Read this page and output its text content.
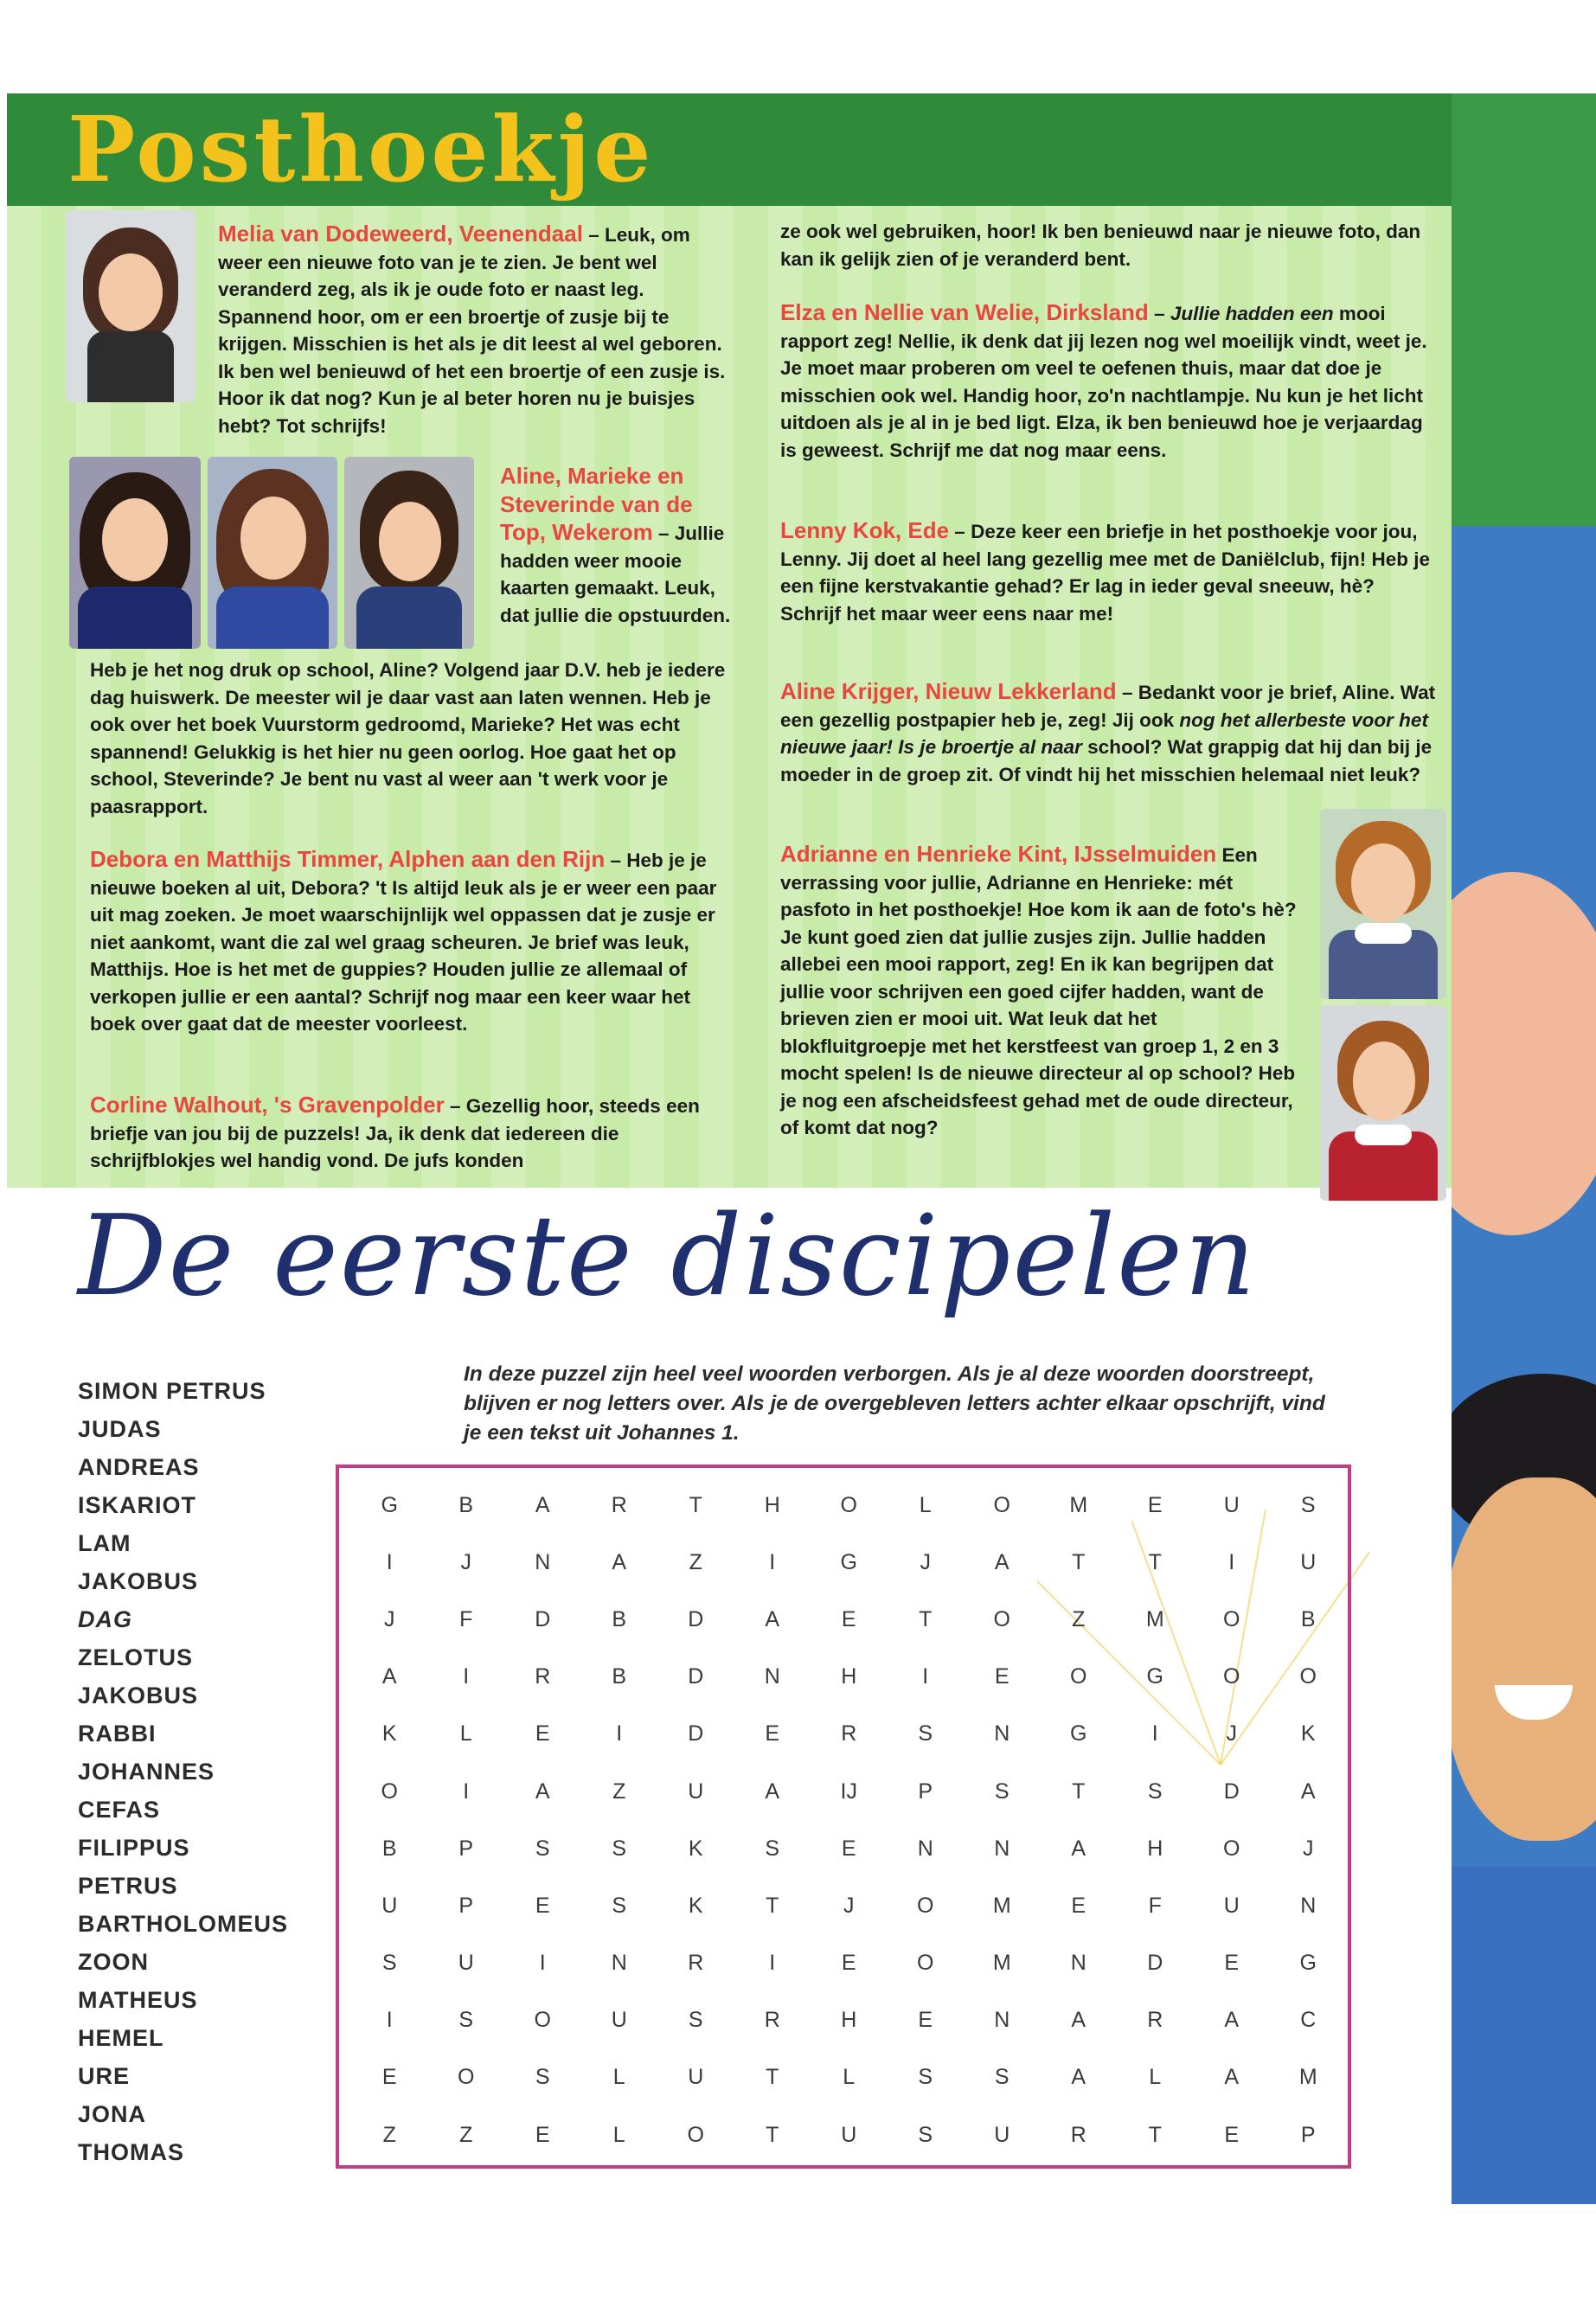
Posthoekje
Melia van Dodeweerd, Veenendaal – Leuk, om weer een nieuwe foto van je te zien. Je bent wel veranderd zeg, als ik je oude foto er naast leg. Spannend hoor, om er een broertje of zusje bij te krijgen. Misschien is het als je dit leest al wel geboren. Ik ben wel benieuwd of het een broertje of een zusje is. Hoor ik dat nog? Kun je al beter horen nu je buisjes hebt? Tot schrijfs!
Aline, Marieke en Steverinde van de Top, Wekerom – Jullie hadden weer mooie kaarten gemaakt. Leuk, dat jullie die opstuurden.
Heb je het nog druk op school, Aline? Volgend jaar D.V. heb je iedere dag huiswerk. De meester wil je daar vast aan laten wennen. Heb je ook over het boek Vuurstorm gedroomd, Marieke? Het was echt spannend! Gelukkig is het hier nu geen oorlog. Hoe gaat het op school, Steverinde? Je bent nu vast al weer aan 't werk voor je paasrapport.
Debora en Matthijs Timmer, Alphen aan den Rijn – Heb je je nieuwe boeken al uit, Debora? 't Is altijd leuk als je er weer een paar uit mag zoeken. Je moet waarschijnlijk wel oppassen dat je zusje er niet aankomt, want die zal wel graag scheuren. Je brief was leuk, Matthijs. Hoe is het met de guppies? Houden jullie ze allemaal of verkopen jullie er een aantal? Schrijf nog maar een keer waar het boek over gaat dat de meester voorleest.
Corline Walhout, 's Gravenpolder – Gezellig hoor, steeds een briefje van jou bij de puzzels! Ja, ik denk dat iedereen die schrijfblokjes wel handig vond. De jufs konden
ze ook wel gebruiken, hoor! Ik ben benieuwd naar je nieuwe foto, dan kan ik gelijk zien of je veranderd bent.
Elza en Nellie van Welie, Dirksland – Jullie hadden een mooi rapport zeg! Nellie, ik denk dat jij lezen nog wel moeilijk vindt, weet je. Je moet maar proberen om veel te oefenen thuis, maar dat doe je misschien ook wel. Handig hoor, zo'n nachtlampje. Nu kun je het licht uitdoen als je al in je bed ligt. Elza, ik ben benieuwd hoe je verjaardag is geweest. Schrijf me dat nog maar eens.
Lenny Kok, Ede – Deze keer een briefje in het posthoekje voor jou, Lenny. Jij doet al heel lang gezellig mee met de Daniëlclub, fijn! Heb je een fijne kerstvakantie gehad? Er lag in ieder geval sneeuw, hè? Schrijf het maar weer eens naar me!
Aline Krijger, Nieuw Lekkerland – Bedankt voor je brief, Aline. Wat een gezellig postpapier heb je, zeg! Jij ook nog het allerbeste voor het nieuwe jaar! Is je broertje al naar school? Wat grappig dat hij dan bij je moeder in de groep zit. Of vindt hij het misschien helemaal niet leuk?
Adrianne en Henrieke Kint, IJsselmuiden Een verrassing voor jullie, Adrianne en Henrieke: mét pasfoto in het posthoekje! Hoe kom ik aan de foto's hè? Je kunt goed zien dat jullie zusjes zijn. Jullie hadden allebei een mooi rapport, zeg! En ik kan begrijpen dat jullie voor schrijven een goed cijfer hadden, want de brieven zien er mooi uit. Wat leuk dat het blokfluitgroepje met het kerstfeest van groep 1, 2 en 3 mocht spelen! Is de nieuwe directeur al op school? Heb je nog een afscheidsfeest gehad met de oude directeur, of komt dat nog?
De eerste discipelen
In deze puzzel zijn heel veel woorden verborgen. Als je al deze woorden doorstreept, blijven er nog letters over. Als je de overgebleven letters achter elkaar opschrijft, vind je een tekst uit Johannes 1.
SIMON PETRUS
JUDAS
ANDREAS
ISKARIOT
LAM
JAKOBUS
DAG
ZELOTUS
JAKOBUS
RABBI
JOHANNES
CEFAS
FILIPPUS
PETRUS
BARTHOLOMEUS
ZOON
MATHEUS
HEMEL
URE
JONA
THOMAS
G	B	A	R	T	H	O	L	O	M	E	U	S
I	J	N	A	Z	I	G	J	A	T	T	I	U
J	F	D	B	D	A	E	T	O	Z	M	O	B
A	I	R	B	D	N	H	I	E	O	G	O	O
K	L	E	I	D	E	R	S	N	G	I	J	K
O	I	A	Z	U	A	IJ	P	S	T	S	D	A
B	P	S	S	K	S	E	N	N	A	H	O	J
U	P	E	S	K	T	J	O	M	E	F	U	N
S	U	I	N	R	I	E	O	M	N	D	E	G
I	S	O	U	S	R	H	E	N	A	R	A	C
E	O	S	L	U	T	L	S	S	A	L	A	M
Z	Z	E	L	O	T	U	S	U	R	T	E	P
